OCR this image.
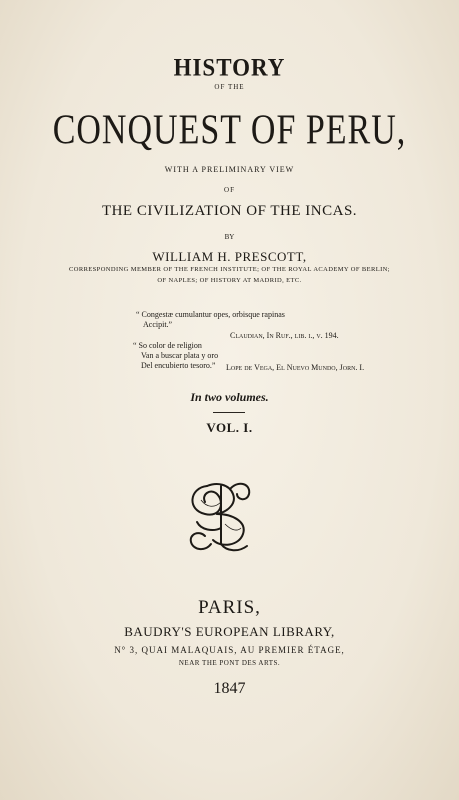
HISTORY
OF THE
CONQUEST OF PERU,
WITH A PRELIMINARY VIEW
OF
THE CIVILIZATION OF THE INCAS.
BY
WILLIAM H. PRESCOTT,
CORRESPONDING MEMBER OF THE FRENCH INSTITUTE; OF THE ROYAL ACADEMY OF BERLIN;
OF NAPLES; OF HISTORY AT MADRID, ETC.
“ Congestæ cumulantur opes, orbisque rapinas
Accipit.”
Claudian, In Ruf., lib. i., v. 194.
“ So color de religion
Van a buscar plata y oro
Del encubierto tesoro.” Lope de Vega, El Nuevo Mundo, Jorn. I.
In two volumes.
VOL. I.
PARIS,
BAUDRY'S EUROPEAN LIBRARY,
N° 3, QUAI MALAQUAIS, AU PREMIER ÉTAGE,
NEAR THE PONT DES ARTS.
1847
